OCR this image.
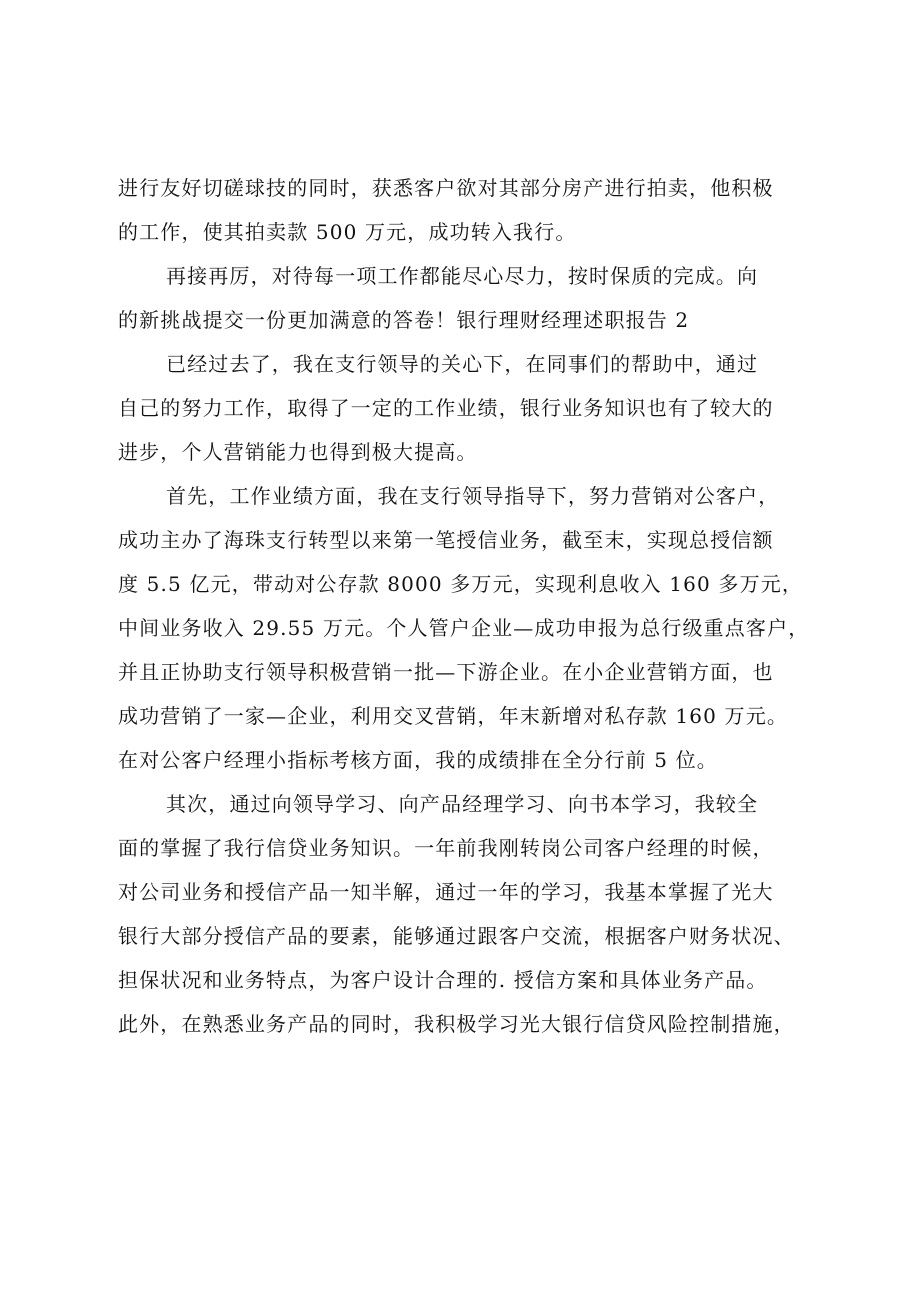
进行友好切磋球技的同时，获悉客户欲对其部分房产进行拍卖，他积极
的工作，使其拍卖款 500 万元，成功转入我行。
再接再厉，对待每一项工作都能尽心尽力，按时保质的完成。向
的新挑战提交一份更加满意的答卷！银行理财经理述职报告 2
已经过去了，我在支行领导的关心下，在同事们的帮助中，通过
自己的努力工作，取得了一定的工作业绩，银行业务知识也有了较大的
进步，个人营销能力也得到极大提高。
首先，工作业绩方面，我在支行领导指导下，努力营销对公客户，
成功主办了海珠支行转型以来第一笔授信业务，截至末，实现总授信额
度 5.5 亿元，带动对公存款 8000 多万元，实现利息收入 160 多万元，
中间业务收入 29.55 万元。个人管户企业—成功申报为总行级重点客户，
并且正协助支行领导积极营销一批—下游企业。在小企业营销方面，也
成功营销了一家—企业，利用交叉营销，年末新增对私存款 160 万元。
在对公客户经理小指标考核方面，我的成绩排在全分行前 5 位。
其次，通过向领导学习、向产品经理学习、向书本学习，我较全
面的掌握了我行信贷业务知识。一年前我刚转岗公司客户经理的时候，
对公司业务和授信产品一知半解，通过一年的学习，我基本掌握了光大
银行大部分授信产品的要素，能够通过跟客户交流，根据客户财务状况、
担保状况和业务特点，为客户设计合理的. 授信方案和具体业务产品。
此外，在熟悉业务产品的同时，我积极学习光大银行信贷风险控制措施，
